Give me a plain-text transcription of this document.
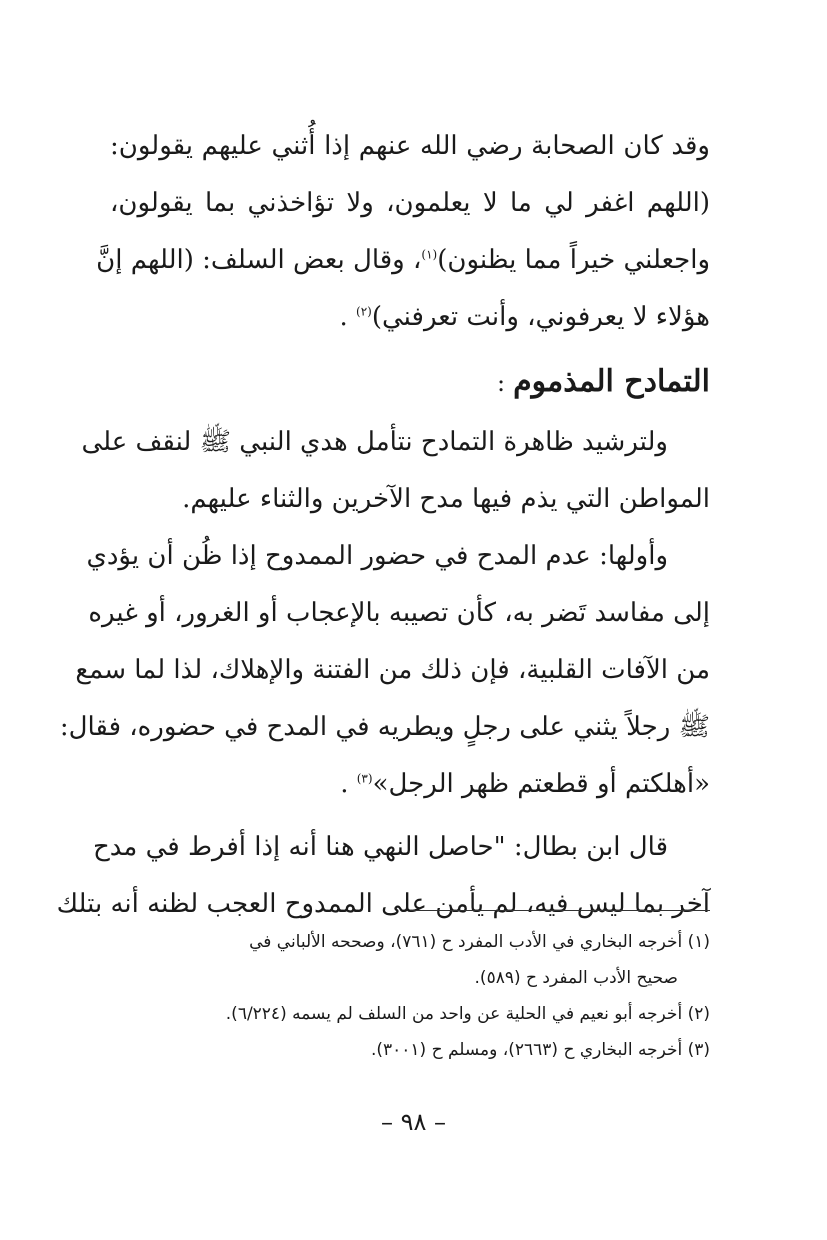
وقد كان الصحابة رضي الله عنهم إذا أُثني عليهم يقولون:
(اللهم اغفر لي ما لا يعلمون، ولا تؤاخذني بما يقولون،
واجعلني خيراً مما يظنون)$^{(١)}$، وقال بعض السلف: (اللهم إنَّ
هؤلاء لا يعرفوني، وأنت تعرفني)$^{(٢)}$ .
التمادح المذموم:
ولترشيد ظاهرة التمادح نتأمل هدي النبي ﷺ لنقف على
المواطن التي يذم فيها مدح الآخرين والثناء عليهم.
وأولها: عدم المدح في حضور الممدوح إذا ظُن أن يؤدي
إلى مفاسد تَضر به، كأن تصيبه بالإعجاب أو الغرور، أو غيره
من الآفات القلبية، فإن ذلك من الفتنة والإهلاك، لذا لما سمع
ﷺ رجلاً يثني على رجلٍ ويطريه في المدح في حضوره، فقال:
«أهلكتم أو قطعتم ظهر الرجل»$^{(٣)}$ .
قال ابن بطال: "حاصل النهي هنا أنه إذا أفرط في مدح
آخر بما ليس فيه، لم يأمن على الممدوح العجب لظنه أنه بتلك
(١) أخرجه البخاري في الأدب المفرد ح (٧٦١)، وصححه الألباني في
صحيح الأدب المفرد ح (٥٨٩).
(٢) أخرجه أبو نعيم في الحلية عن واحد من السلف لم يسمه (٦/٢٢٤).
(٣) أخرجه البخاري ح (٢٦٦٣)، ومسلم ح (٣٠٠١).
– ٩٨ –
